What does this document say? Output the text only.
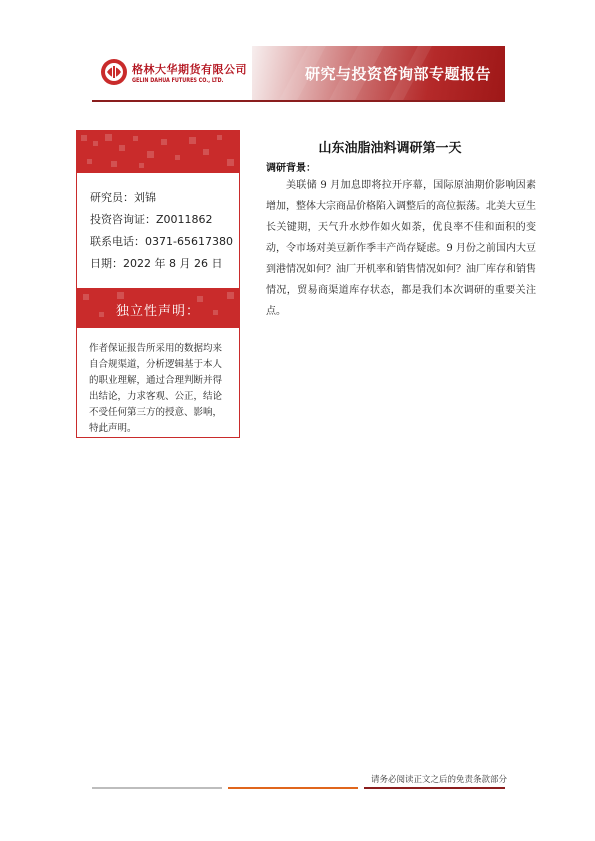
格林大华期货有限公司
GELIN DAHUA FUTURES CO., LTD.	研究与投资咨询部专题报告
研究员：刘锦
投资咨询证：Z0011862
联系电话：0371-65617380
日期：2022 年 8 月 26 日
独立性声明：
作者保证报告所采用的数据均来自合规渠道，分析逻辑基于本人的职业理解，通过合理判断并得出结论，力求客观、公正，结论不受任何第三方的授意、影响，特此声明。
山东油脂油料调研第一天
调研背景：
美联储 9 月加息即将拉开序幕，国际原油期价影响因素增加，整体大宗商品价格陷入调整后的高位振荡。北美大豆生长关键期，天气升水炒作如火如荼，优良率不佳和面积的变动，令市场对美豆新作季丰产尚存疑虑。9 月份之前国内大豆到港情况如何？油厂开机率和销售情况如何？油厂库存和销售情况，贸易商渠道库存状态，都是我们本次调研的重要关注点。
请务必阅读正文之后的免责条款部分
